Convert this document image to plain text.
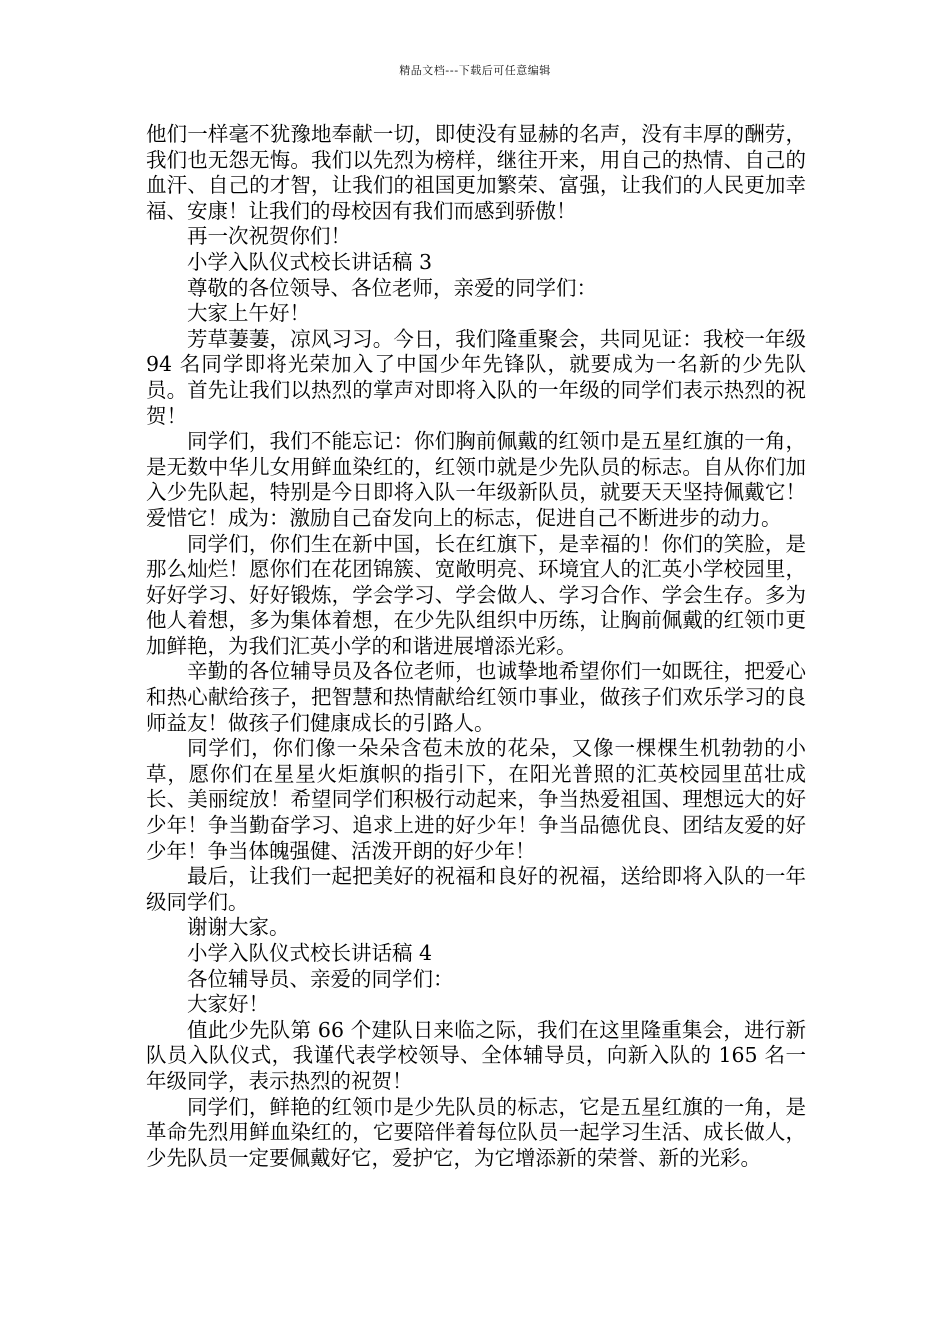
精品文档---下载后可任意编辑

他们一样毫不犹豫地奉献一切，即使没有显赫的名声，没有丰厚的酬劳，我们也无怨无悔。我们以先烈为榜样，继往开来，用自己的热情、自己的血汗、自己的才智，让我们的祖国更加繁荣、富强，让我们的人民更加幸福、安康！让我们的母校因有我们而感到骄傲！

再一次祝贺你们！

小学入队仪式校长讲话稿 3

尊敬的各位领导、各位老师，亲爱的同学们：

大家上午好！

芳草萋萋，凉风习习。今日，我们隆重聚会，共同见证：我校一年级 94 名同学即将光荣加入了中国少年先锋队，就要成为一名新的少先队员。首先让我们以热烈的掌声对即将入队的一年级的同学们表示热烈的祝贺！

同学们，我们不能忘记：你们胸前佩戴的红领巾是五星红旗的一角，是无数中华儿女用鲜血染红的，红领巾就是少先队员的标志。自从你们加入少先队起，特别是今日即将入队一年级新队员，就要天天坚持佩戴它！爱惜它！成为：激励自己奋发向上的标志，促进自己不断进步的动力。

同学们，你们生在新中国，长在红旗下，是幸福的！你们的笑脸，是那么灿烂！愿你们在花团锦簇、宽敞明亮、环境宜人的汇英小学校园里，好好学习、好好锻炼，学会学习、学会做人、学习合作、学会生存。多为他人着想，多为集体着想，在少先队组织中历练，让胸前佩戴的红领巾更加鲜艳，为我们汇英小学的和谐进展增添光彩。

辛勤的各位辅导员及各位老师，也诚挚地希望你们一如既往，把爱心和热心献给孩子，把智慧和热情献给红领巾事业，做孩子们欢乐学习的良师益友！做孩子们健康成长的引路人。

同学们，你们像一朵朵含苞未放的花朵，又像一棵棵生机勃勃的小草，愿你们在星星火炬旗帜的指引下，在阳光普照的汇英校园里茁壮成长、美丽绽放！希望同学们积极行动起来，争当热爱祖国、理想远大的好少年！争当勤奋学习、追求上进的好少年！争当品德优良、团结友爱的好少年！争当体魄强健、活泼开朗的好少年！

最后，让我们一起把美好的祝福和良好的祝福，送给即将入队的一年级同学们。

谢谢大家。

小学入队仪式校长讲话稿 4

各位辅导员、亲爱的同学们：

大家好！

值此少先队第 66 个建队日来临之际，我们在这里隆重集会，进行新队员入队仪式，我谨代表学校领导、全体辅导员，向新入队的 165 名一年级同学，表示热烈的祝贺！

同学们，鲜艳的红领巾是少先队员的标志，它是五星红旗的一角，是革命先烈用鲜血染红的，它要陪伴着每位队员一起学习生活、成长做人，少先队员一定要佩戴好它，爱护它，为它增添新的荣誉、新的光彩。
